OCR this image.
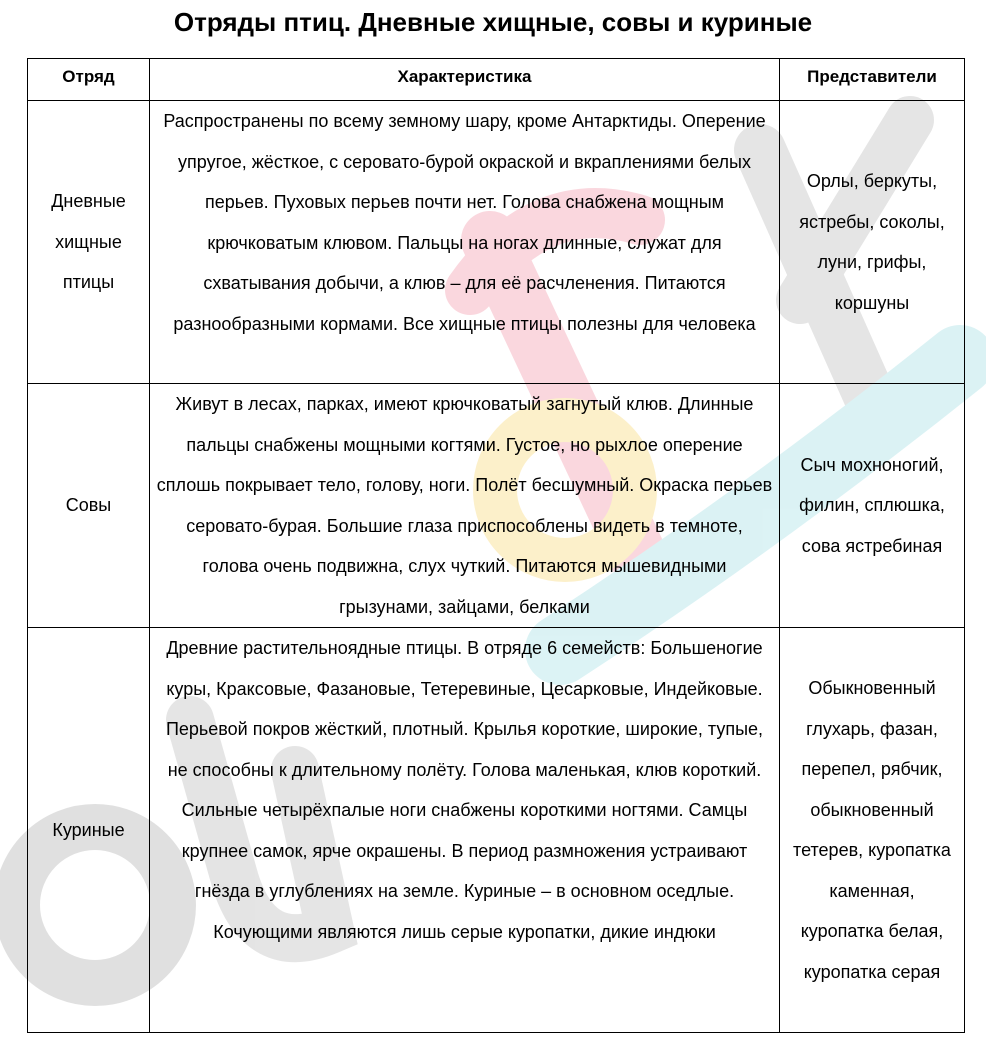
Отряды птиц. Дневные хищные, совы и куриные
Отряд	Характеристика	Представители
Дневные хищные птицы	Распространены по всему земному шару, кроме Антарктиды. Оперение упругое, жёсткое, с серовато-бурой окраской и вкраплениями белых перьев. Пуховых перьев почти нет. Голова снабжена мощным крючковатым клювом. Пальцы на ногах длинные, служат для схватывания добычи, а клюв – для её расчленения. Питаются разнообразными кормами. Все хищные птицы полезны для человека	Орлы, беркуты, ястребы, соколы, луни, грифы, коршуны
Совы	Живут в лесах, парках, имеют крючковатый загнутый клюв. Длинные пальцы снабжены мощными когтями. Густое, но рыхлое оперение сплошь покрывает тело, голову, ноги. Полёт бесшумный. Окраска перьев серовато-бурая. Большие глаза приспособлены видеть в темноте, голова очень подвижна, слух чуткий. Питаются мышевидными грызунами, зайцами, белками	Сыч мохноногий, филин, сплюшка, сова ястребиная
Куриные	Древние растительноядные птицы. В отряде 6 семейств: Большеногие куры, Краксовые, Фазановые, Тетеревиные, Цесарковые, Индейковые. Перьевой покров жёсткий, плотный. Крылья короткие, широкие, тупые, не способны к длительному полёту. Голова маленькая, клюв короткий. Сильные четырёхпалые ноги снабжены короткими ногтями. Самцы крупнее самок, ярче окрашены. В период размножения устраивают гнёзда в углублениях на земле. Куриные – в основном оседлые. Кочующими являются лишь серые куропатки, дикие индюки	Обыкновенный глухарь, фазан, перепел, рябчик, обыкновенный тетерев, куропатка каменная, куропатка белая, куропатка серая
